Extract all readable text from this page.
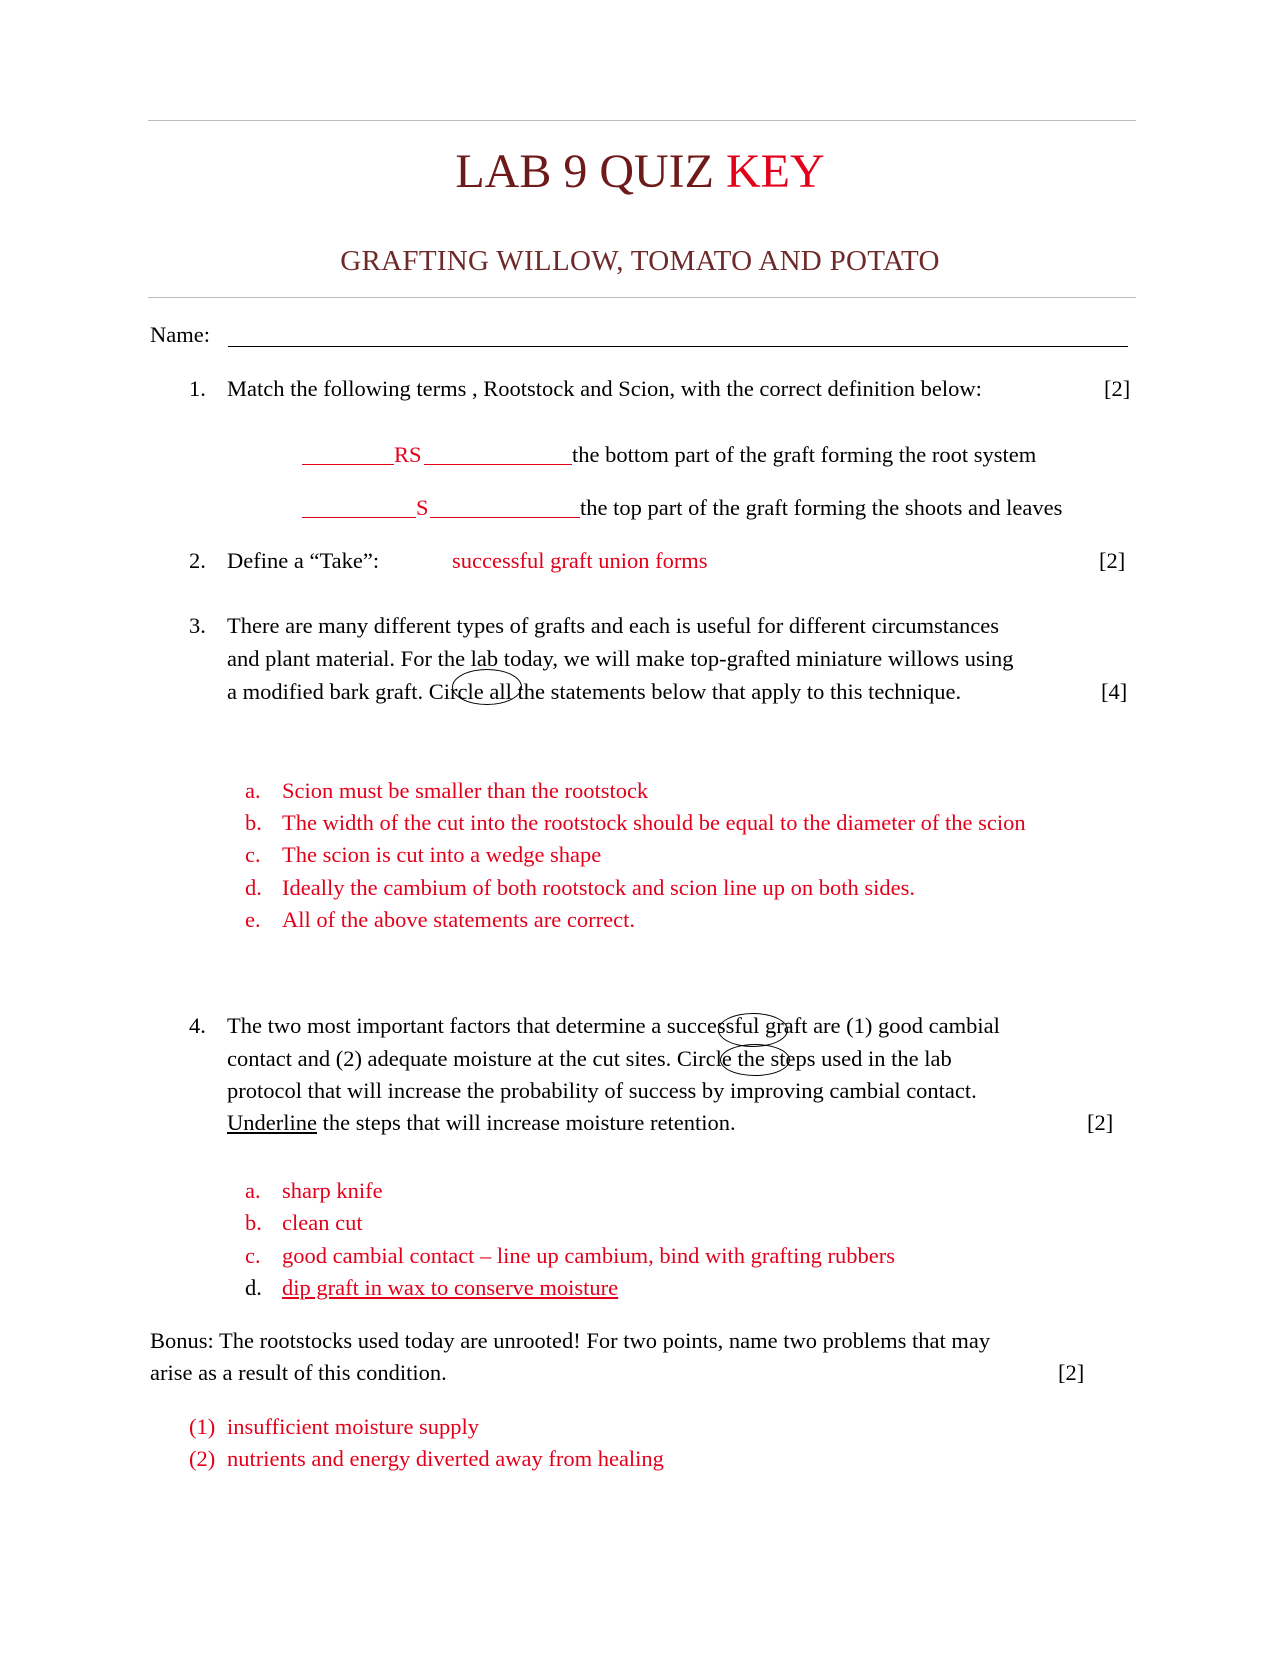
LAB 9 QUIZ KEY
GRAFTING WILLOW, TOMATO AND POTATO
Name:
1. Match the following terms , Rootstock and Scion, with the correct definition below:	[2]
RS	the bottom part of the graft forming the root system
S	the top part of the graft forming the shoots and leaves
2. Define a “Take”:	successful graft union forms	[2]
3. There are many different types of grafts and each is useful for different circumstances
and plant material. For the lab today, we will make top-grafted miniature willows using
a modified bark graft. Circle all the statements below that apply to this technique.	[4]
a. Scion must be smaller than the rootstock
b. The width of the cut into the rootstock should be equal to the diameter of the scion
c. The scion is cut into a wedge shape
d. Ideally the cambium of both rootstock and scion line up on both sides.
e. All of the above statements are correct.
4. The two most important factors that determine a successful graft are (1) good cambial
contact and (2) adequate moisture at the cut sites. Circle the steps used in the lab
protocol that will increase the probability of success by improving cambial contact.
Underline the steps that will increase moisture retention.	[2]
a. sharp knife
b. clean cut
c. good cambial contact – line up cambium, bind with grafting rubbers
d. dip graft in wax to conserve moisture
Bonus: The rootstocks used today are unrooted! For two points, name two problems that may
arise as a result of this condition.	[2]
(1) insufficient moisture supply
(2) nutrients and energy diverted away from healing
